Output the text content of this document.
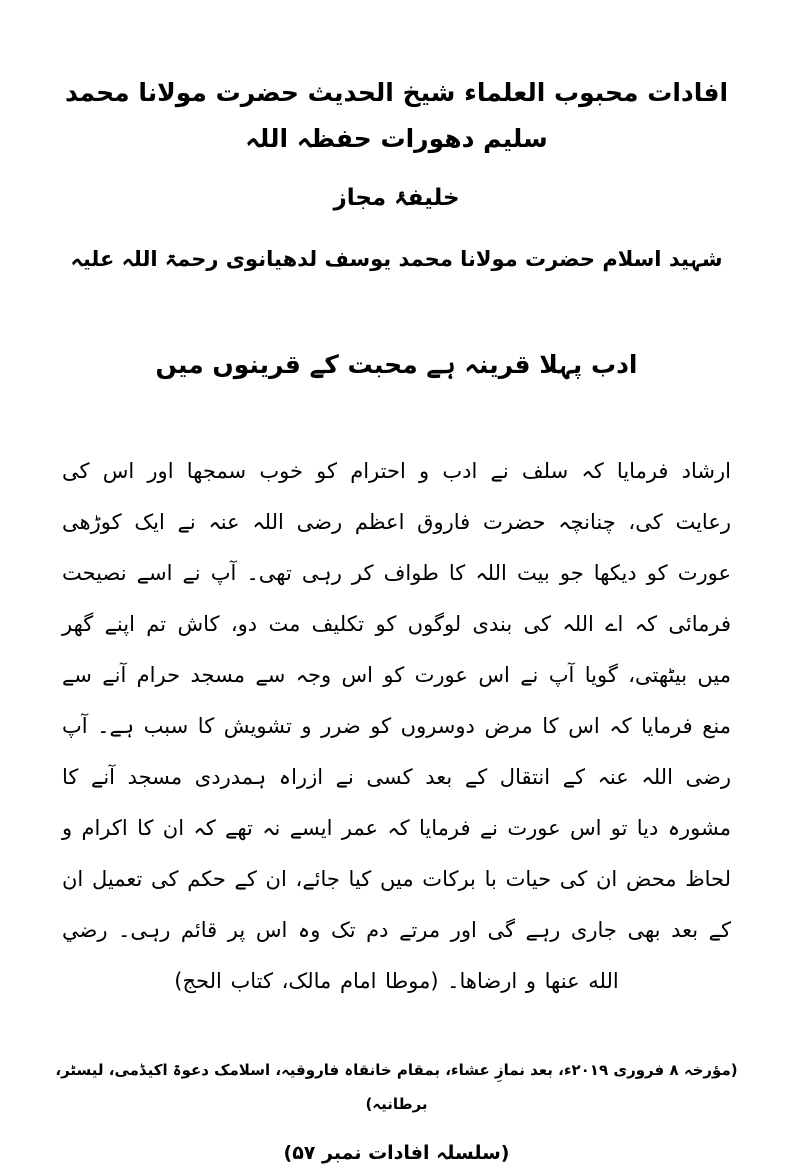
افادات محبوب العلماء شیخ الحدیث حضرت مولانا محمد سلیم دھورات حفظہ اللہ
خلیفۂ مجاز
شہید اسلام حضرت مولانا محمد یوسف لدھیانوی رحمۃ اللہ علیہ
ادب پہلا قرینہ ہے محبت کے قرینوں میں

ارشاد فرمایا کہ سلف نے ادب و احترام کو خوب سمجھا اور اس کی رعایت کی، چنانچہ حضرت فاروق اعظم رضی اللہ عنہ نے ایک کوڑھی عورت کو دیکھا جو بیت اللہ کا طواف کر رہی تھی۔ آپ نے اسے نصیحت فرمائی کہ اے اللہ کی بندی لوگوں کو تکلیف مت دو، کاش تم اپنے گھر میں بیٹھتی، گویا آپ نے اس عورت کو اس وجہ سے مسجد حرام آنے سے منع فرمایا کہ اس کا مرض دوسروں کو ضرر و تشویش کا سبب ہے۔ آپ رضی اللہ عنہ کے انتقال کے بعد کسی نے ازراہ ہمدردی مسجد آنے کا مشورہ دیا تو اس عورت نے فرمایا کہ عمر ایسے نہ تھے کہ ان کا اکرام و لحاظ محض ان کی حیات با برکات میں کیا جائے، ان کے حکم کی تعمیل ان کے بعد بھی جاری رہے گی اور مرتے دم تک وہ اس پر قائم رہی۔ رضي الله عنها و ارضاها۔ (موطا امام مالک، کتاب الحج)

(مؤرخہ ۸ فروری ۲۰۱۹ء، بعد نمازِ عشاء، بمقام خانقاہ فاروقیہ، اسلامک دعوۃ اکیڈمی، لیسٹر، برطانیہ)
(سلسلہ افادات نمبر ۵۷)
